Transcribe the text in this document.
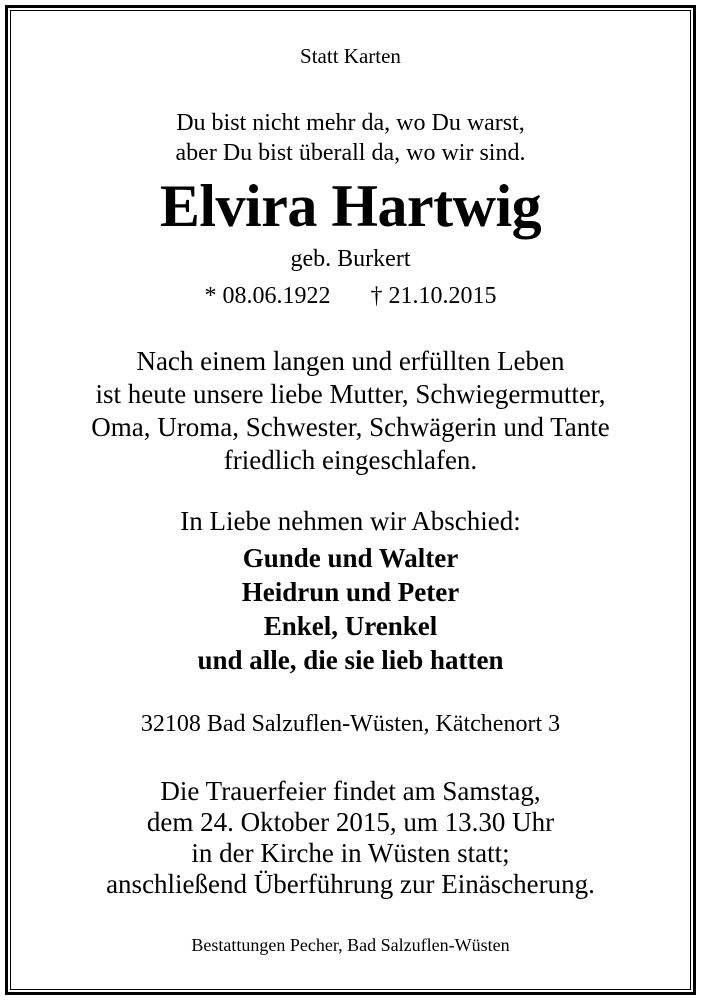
Statt Karten

Du bist nicht mehr da, wo Du warst,

aber Du bist überall da, wo wir sind.

Elvira Hartwig

geb. Burkert

* 08.06.1922 † 21.10.2015

Nach einem langen und erfüllten Leben

ist heute unsere liebe Mutter, Schwiegermutter,

Oma, Uroma, Schwester, Schwägerin und Tante

friedlich eingeschlafen.

In Liebe nehmen wir Abschied:

Gunde und Walter

Heidrun und Peter

Enkel, Urenkel

und alle, die sie lieb hatten

32108 Bad Salzuflen-Wüsten, Kätchenort 3

Die Trauerfeier findet am Samstag,

dem 24. Oktober 2015, um 13.30 Uhr

in der Kirche in Wüsten statt;

anschließend Überführung zur Einäscherung.

Bestattungen Pecher, Bad Salzuflen-Wüsten
